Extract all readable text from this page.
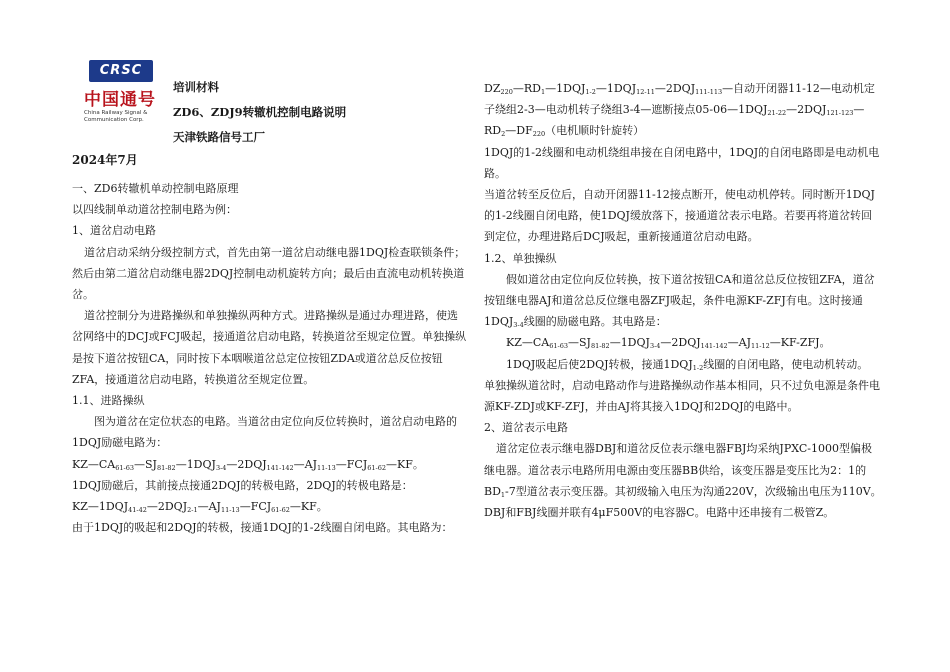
CRSC
中国通号
China Railway Signal &
Communication Corp.
培训材料
ZD6、ZDJ9转辙机控制电路说明
天津铁路信号工厂
2024年7月

一、ZD6转辙机单动控制电路原理

以四线制单动道岔控制电路为例：

1、道岔启动电路

道岔启动采纳分级控制方式，首先由第一道岔启动继电器1DQJ检查联锁条件；然后由第二道岔启动继电器2DQJ控制电动机旋转方向；最后由直流电动机转换道岔。

道岔控制分为进路操纵和单独操纵两种方式。进路操纵是通过办理进路，使选岔网络中的DCJ或FCJ吸起，接通道岔启动电路，转换道岔至规定位置。单独操纵是按下道岔按钮CA，同时按下本咽喉道岔总定位按钮ZDA或道岔总反位按钮ZFA，接通道岔启动电路，转换道岔至规定位置。

1.1、进路操纵

图为道岔在定位状态的电路。当道岔由定位向反位转换时，道岔启动电路的1DQJ励磁电路为：

$KZ—CA_{61-63}—SJ_{81-82}—1DQJ_{3-4}—2DQJ_{141-142}—AJ_{11-13}—FCJ_{61-62}—KF$。

1DQJ励磁后，其前接点接通2DQJ的转极电路，2DQJ的转极电路是：

$KZ—1DQJ_{41-42}—2DQJ_{2-1}—AJ_{11-13}—FCJ_{61-62}—KF$。

由于1DQJ的吸起和2DQJ的转极，接通1DQJ的1-2线圈自闭电路。其电路为：

$DZ_{220}—RD_1—1DQJ_{1-2}—1DQJ_{12-11}—2DQJ_{111-113}—$自动开闭器11-12—电动机定子绕组2-3—电动机转子绕组3-4—遮断接点$05-06—1DQJ_{21-22}—2DQJ_{121-123}—RD_2—DF_{220}$（电机顺时针旋转）

1DQJ的1-2线圈和电动机绕组串接在自闭电路中，1DQJ的自闭电路即是电动机电路。

当道岔转至反位后，自动开闭器11-12接点断开，使电动机停转。同时断开1DQJ的1-2线圈自闭电路，使1DQJ缓放落下，接通道岔表示电路。若要再将道岔转回到定位，办理进路后DCJ吸起，重新接通道岔启动电路。

1.2、单独操纵

假如道岔由定位向反位转换，按下道岔按钮CA和道岔总反位按钮ZFA，道岔按钮继电器AJ和道岔总反位继电器ZFJ吸起，条件电源KF-ZFJ有电。这时接通$1DQJ_{3-4}$线圈的励磁电路。其电路是：

$KZ—CA_{61-63}—SJ_{81-82}—1DQJ_{3-4}—2DQJ_{141-142}—AJ_{11-12}—KF$-ZFJ。

1DQJ吸起后使2DQJ转极，接通$1DQJ_{1-2}$线圈的自闭电路，使电动机转动。

单独操纵道岔时，启动电路动作与进路操纵动作基本相同，只不过负电源是条件电源KF-ZDJ或KF-ZFJ，并由AJ将其接入1DQJ和2DQJ的电路中。

2、道岔表示电路

道岔定位表示继电器DBJ和道岔反位表示继电器FBJ均采纳JPXC-1000型偏极继电器。道岔表示电路所用电源由变压器BB供给，该变压器是变压比为2：1的$BD_1-7$型道岔表示变压器。其初级输入电压为沟通220V，次级输出电压为110V。DBJ和FBJ线圈并联有4μF500V的电容器C。电路中还串接有二极管Z。
